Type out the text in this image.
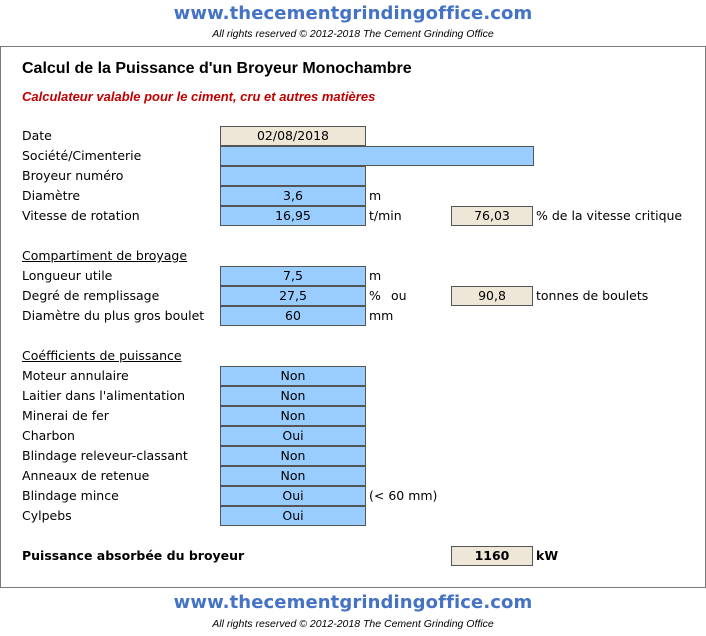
www.thecementgrindingoffice.com
All rights reserved © 2012-2018 The Cement Grinding Office
Calcul de la Puissance d'un Broyeur Monochambre
Calculateur valable pour le ciment, cru et autres matières
Date	02/08/2018
Société/Cimenterie
Broyeur numéro
Diamètre	3,6	m
Vitesse de rotation	16,95	t/min	76,03	% de la vitesse critique
Compartiment de broyage
Longueur utile	7,5	m
Degré de remplissage	27,5	% ou	90,8	tonnes de boulets
Diamètre du plus gros boulet	60	mm
Coéfficients de puissance
Moteur annulaire	Non
Laitier dans l'alimentation	Non
Minerai de fer	Non
Charbon	Oui
Blindage releveur-classant	Non
Anneaux de retenue	Non
Blindage mince	Oui	(< 60 mm)
Cylpebs	Oui
Puissance absorbée du broyeur	1160	kW
www.thecementgrindingoffice.com
All rights reserved © 2012-2018 The Cement Grinding Office
